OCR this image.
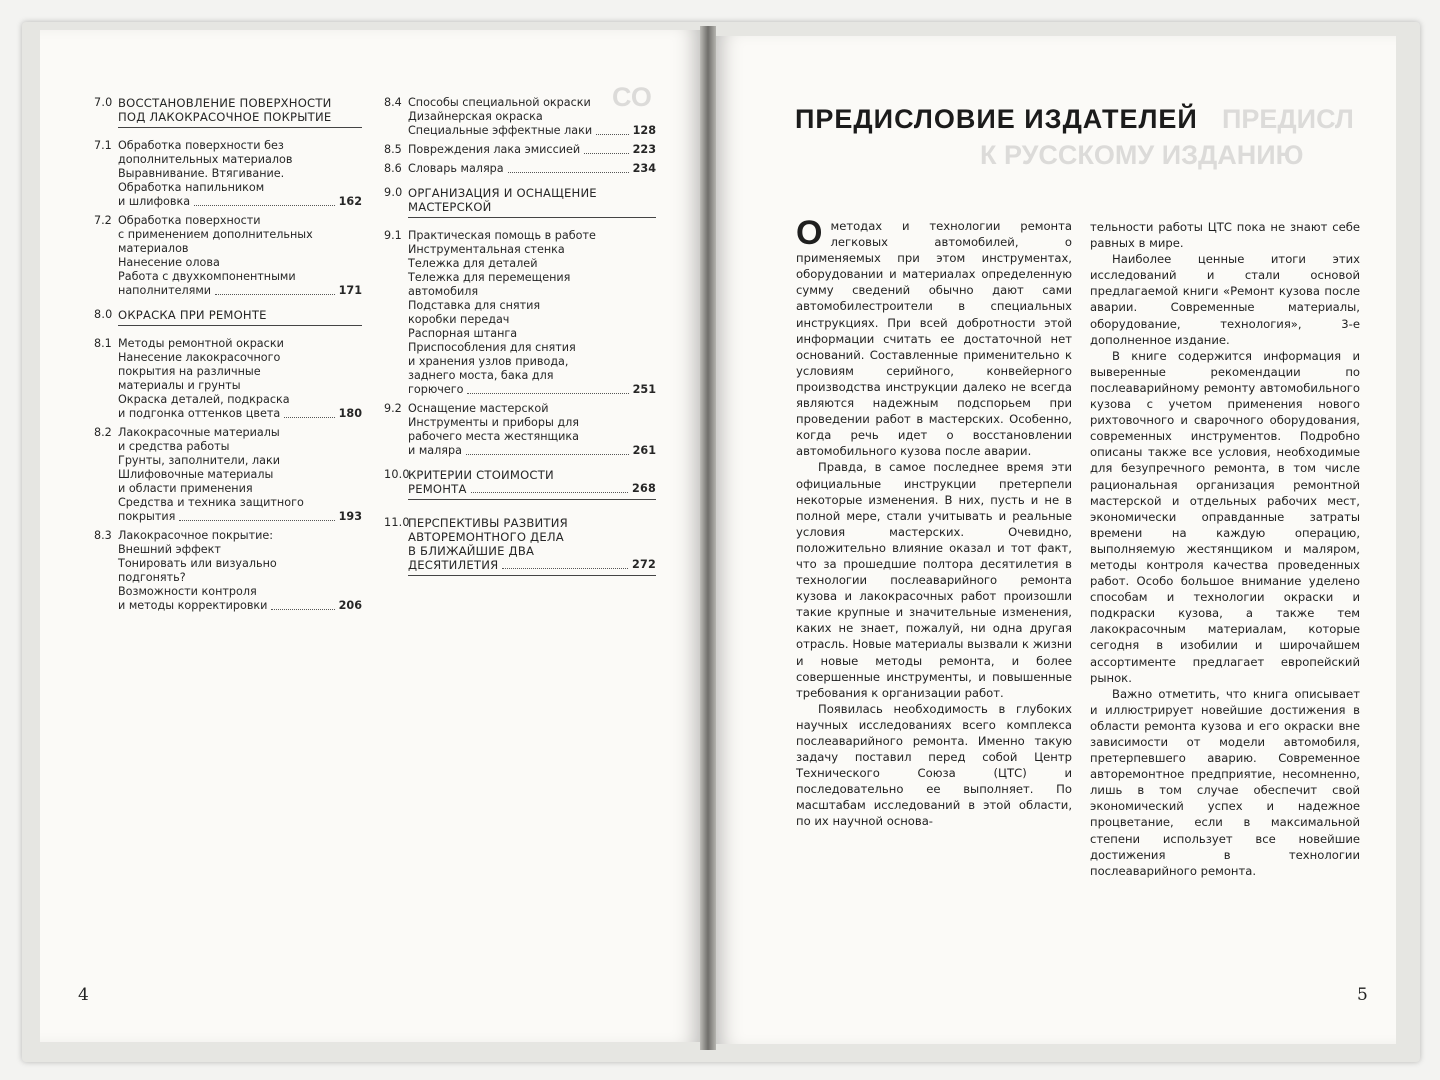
СО
ПРЕДИСЛ
К РУССКОМУ ИЗДАНИЮ
7.0 ВОССТАНОВЛЕНИЕ ПОВЕРХНОСТИ
ПОД ЛАКОКРАСОЧНОЕ ПОКРЫТИЕ
7.1 Обработка поверхности без
дополнительных материалов
Выравнивание. Втягивание.
Обработка напильником
и шлифовка	162
7.2 Обработка поверхности
с применением дополнительных
материалов
Нанесение олова
Работа с двухкомпонентными
наполнителями	171
8.0 ОКРАСКА ПРИ РЕМОНТЕ
8.1 Методы ремонтной окраски
Нанесение лакокрасочного
покрытия на различные
материалы и грунты
Окраска деталей, подкраска
и подгонка оттенков цвета	180
8.2 Лакокрасочные материалы
и средства работы
Грунты, заполнители, лаки
Шлифовочные материалы
и области применения
Средства и техника защитного
покрытия	193
8.3 Лакокрасочное покрытие:
Внешний эффект
Тонировать или визуально
подгонять?
Возможности контроля
и методы корректировки	206
8.4 Способы специальной окраски
Дизайнерская окраска
Специальные эффектные лаки	128
8.5 Повреждения лака эмиссией	223
8.6 Словарь маляра	234
9.0 ОРГАНИЗАЦИЯ И ОСНАЩЕНИЕ
МАСТЕРСКОЙ
9.1 Практическая помощь в работе
Инструментальная стенка
Тележка для деталей
Тележка для перемещения
автомобиля
Подставка для снятия
коробки передач
Распорная штанга
Приспособления для снятия
и хранения узлов привода,
заднего моста, бака для
горючего	251
9.2 Оснащение мастерской
Инструменты и приборы для
рабочего места жестянщика
и маляра	261
10.0
КРИТЕРИИ СТОИМОСТИ
РЕМОНТА	268
11.0
ПЕРСПЕКТИВЫ РАЗВИТИЯ
АВТОРЕМОНТНОГО ДЕЛА
В БЛИЖАЙШИЕ ДВА
ДЕСЯТИЛЕТИЯ	272
4
ПРЕДИСЛОВИЕ ИЗДАТЕЛЕЙ

Ометодах и технологии ремонта легковых автомобилей, о применяемых при этом инструментах, оборудовании и материалах определенную сумму сведений обычно дают сами автомобилестроители в специальных инструкциях. При всей добротности этой информации считать ее достаточной нет оснований. Составленные применительно к условиям серийного, конвейерного производства инструкции далеко не всегда являются надежным подспорьем при проведении работ в мастерских. Особенно, когда речь идет о восстановлении автомобильного кузова после аварии.

Правда, в самое последнее время эти официальные инструкции претерпели некоторые изменения. В них, пусть и не в полной мере, стали учитывать и реальные условия мастерских. Очевидно, положительно влияние оказал и тот факт, что за прошедшие полтора десятилетия в технологии послеаварийного ремонта кузова и лакокрасочных работ произошли такие крупные и значительные изменения, каких не знает, пожалуй, ни одна другая отрасль. Новые материалы вызвали к жизни и новые методы ремонта, и более совершенные инструменты, и повышенные требования к организации работ.

Появилась необходимость в глубоких научных исследованиях всего комплекса послеаварийного ремонта. Именно такую задачу поставил перед собой Центр Технического Союза (ЦТС) и последовательно ее выполняет. По масштабам исследований в этой области, по их научной основа-

тельности работы ЦТС пока не знают себе равных в мире.

Наиболее ценные итоги этих исследований и стали основой предлагаемой книги «Ремонт кузова после аварии. Современные материалы, оборудование, технология», 3-е дополненное издание.

В книге содержится информация и выверенные рекомендации по послеаварийному ремонту автомобильного кузова с учетом применения нового рихтовочного и сварочного оборудования, современных инструментов. Подробно описаны также все условия, необходимые для безупречного ремонта, в том числе рациональная организация ремонтной мастерской и отдельных рабочих мест, экономически оправданные затраты времени на каждую операцию, выполняемую жестянщиком и маляром, методы контроля качества проведенных работ. Особо большое внимание уделено способам и технологии окраски и подкраски кузова, а также тем лакокрасочным материалам, которые сегодня в изобилии и широчайшем ассортименте предлагает европейский рынок.

Важно отметить, что книга описывает и иллюстрирует новейшие достижения в области ремонта кузова и его окраски вне зависимости от модели автомобиля, претерпевшего аварию. Современное авторемонтное предприятие, несомненно, лишь в том случае обеспечит свой экономический успех и надежное процветание, если в максимальной степени использует все новейшие достижения в технологии послеаварийного ремонта.

5
